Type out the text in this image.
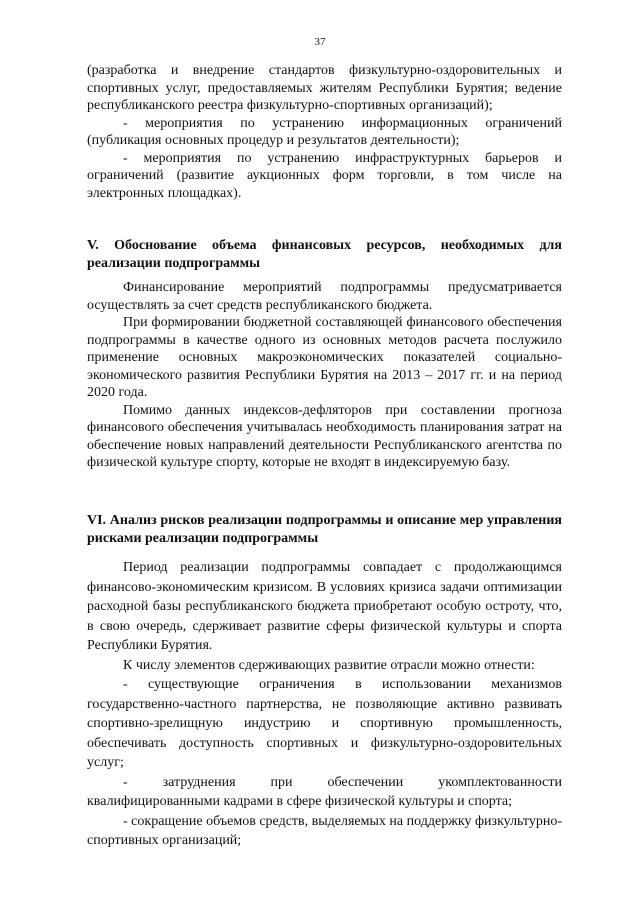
37

(разработка и внедрение стандартов физкультурно-оздоровительных и спортивных услуг, предоставляемых жителям Республики Бурятия; ведение республиканского реестра физкультурно-спортивных организаций);

- мероприятия по устранению информационных ограничений (публикация основных процедур и результатов деятельности);

- мероприятия по устранению инфраструктурных барьеров и ограничений (развитие аукционных форм торговли, в том числе на электронных площадках).

V. Обоснование объема финансовых ресурсов, необходимых для реализации подпрограммы

Финансирование мероприятий подпрограммы предусматривается осуществлять за счет средств республиканского бюджета.

При формировании бюджетной составляющей финансового обеспечения подпрограммы в качестве одного из основных методов расчета послужило применение основных макроэкономических показателей социально-экономического развития Республики Бурятия на 2013 – 2017 гг. и на период 2020 года.

Помимо данных индексов-дефляторов при составлении прогноза финансового обеспечения учитывалась необходимость планирования затрат на обеспечение новых направлений деятельности Республиканского агентства по физической культуре спорту, которые не входят в индексируемую базу.

VI. Анализ рисков реализации подпрограммы и описание мер управления рисками реализации подпрограммы

Период реализации подпрограммы совпадает с продолжающимся финансово-экономическим кризисом. В условиях кризиса задачи оптимизации расходной базы республиканского бюджета приобретают особую остроту, что, в свою очередь, сдерживает развитие сферы физической культуры и спорта Республики Бурятия.

К числу элементов сдерживающих развитие отрасли можно отнести:

- существующие ограничения в использовании механизмов государственно-частного партнерства, не позволяющие активно развивать спортивно-зрелищную индустрию и спортивную промышленность, обеспечивать доступность спортивных и физкультурно-оздоровительных услуг;

- затруднения при обеспечении укомплектованности квалифицированными кадрами в сфере физической культуры и спорта;

- сокращение объемов средств, выделяемых на поддержку физкультурно-спортивных организаций;
